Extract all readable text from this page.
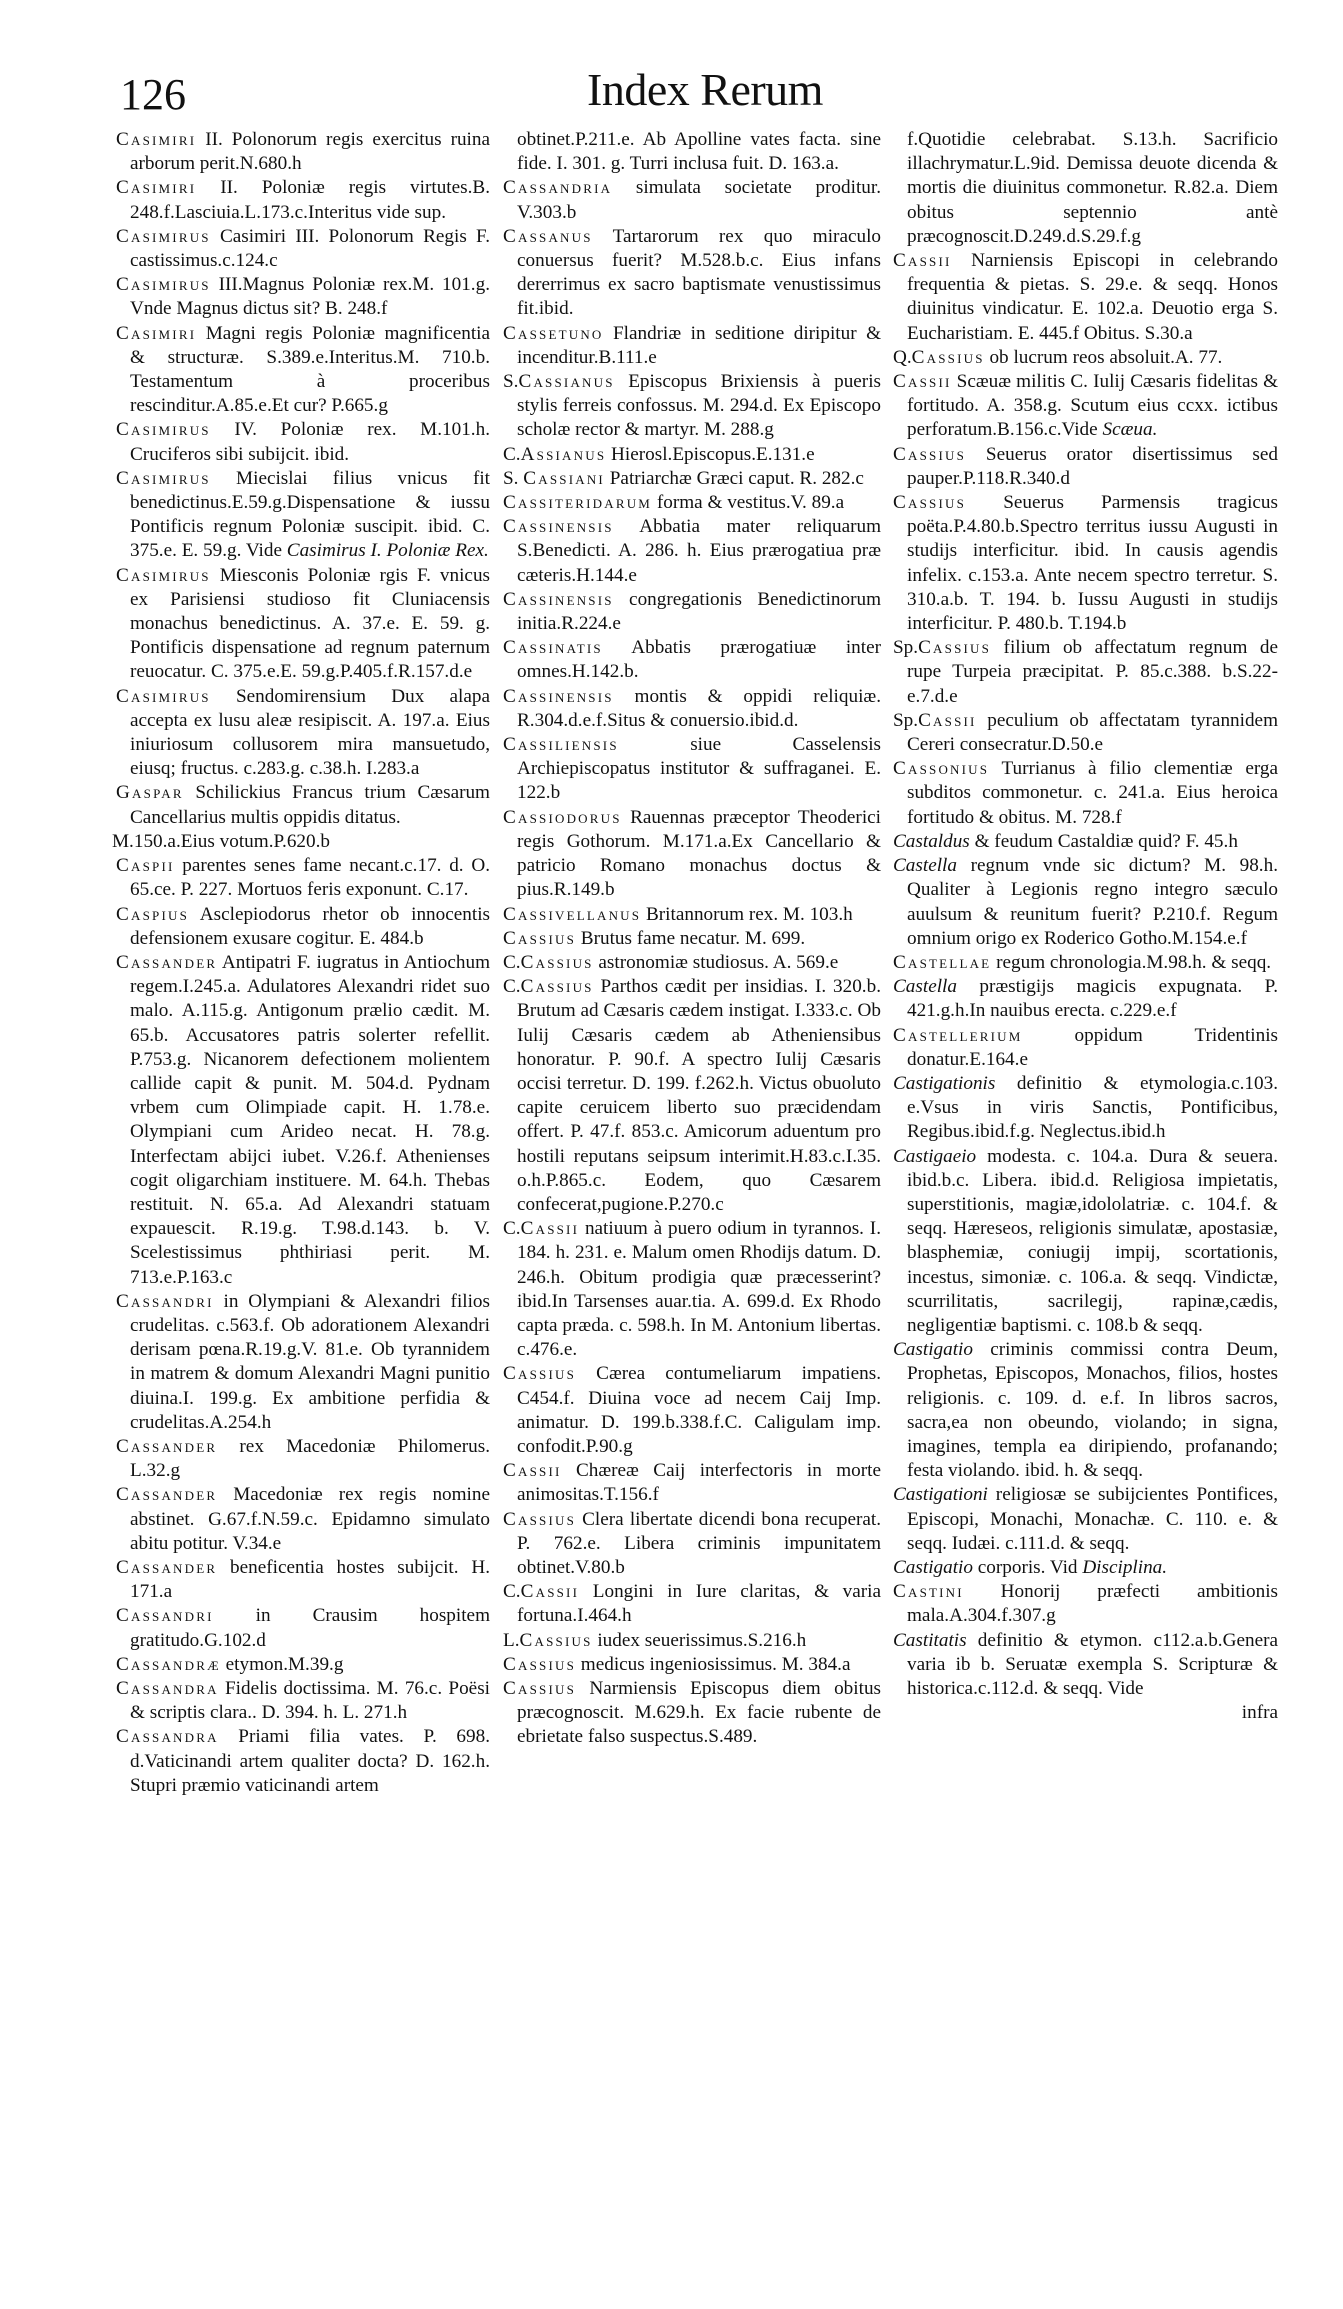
126	Index Rerum

Casimiri II. Polonorum regis exercitus ruina arborum perit.N.680.h

Casimiri II. Poloniæ regis virtutes.B. 248.f.Lasciuia.L.173.c.Interitus vide sup.

Casimirus Casimiri III. Polonorum Regis F. castissimus.c.124.c

Casimirus III.Magnus Poloniæ rex.M. 101.g. Vnde Magnus dictus sit? B. 248.f

Casimiri Magni regis Poloniæ magnificentia & structuræ. S.389.e.Interitus.M. 710.b. Testamentum à proceribus rescinditur.A.85.e.Et cur? P.665.g

Casimirus IV. Poloniæ rex. M.101.h. Cruciferos sibi subijcit. ibid.

Casimirus Miecislai filius vnicus fit benedictinus.E.59.g.Dispensatione & iussu Pontificis regnum Poloniæ suscipit. ibid. C. 375.e. E. 59.g. Vide Casimirus I. Poloniæ Rex.

Casimirus Miesconis Poloniæ rgis F. vnicus ex Parisiensi studioso fit Cluniacensis monachus benedictinus. A. 37.e. E. 59. g. Pontificis dispensatione ad regnum paternum reuocatur. C. 375.e.E. 59.g.P.405.f.R.157.d.e

Casimirus Sendomirensium Dux alapa accepta ex lusu aleæ resipiscit. A. 197.a. Eius iniuriosum collusorem mira mansuetudo, eiusq; fructus. c.283.g. c.38.h. I.283.a

Gaspar Schilickius Francus trium Cæsarum Cancellarius multis oppidis ditatus.

M.150.a.Eius votum.P.620.b

Caspii parentes senes fame necant.c.17. d. O. 65.ce. P. 227. Mortuos feris exponunt. C.17.

Caspius Asclepiodorus rhetor ob innocentis defensionem exusare cogitur. E. 484.b

Cassander Antipatri F. iugratus in Antiochum regem.I.245.a. Adulatores Alexandri ridet suo malo. A.115.g. Antigonum prælio cædit. M. 65.b. Accusatores patris solerter refellit. P.753.g. Nicanorem defectionem molientem callide capit & punit. M. 504.d. Pydnam vrbem cum Olimpiade capit. H. 1.78.e. Olympiani cum Arideo necat. H. 78.g. Interfectam abijci iubet. V.26.f. Athenienses cogit oligarchiam instituere. M. 64.h. Thebas restituit. N. 65.a. Ad Alexandri statuam expauescit. R.19.g. T.98.d.143. b. V. Scelestissimus phthiriasi perit. M. 713.e.P.163.c

Cassandri in Olympiani & Alexandri filios crudelitas. c.563.f. Ob adorationem Alexandri derisam pœna.R.19.g.V. 81.e. Ob tyrannidem in matrem & domum Alexandri Magni punitio diuina.I. 199.g. Ex ambitione perfidia & crudelitas.A.254.h

Cassander rex Macedoniæ Philomerus. L.32.g

Cassander Macedoniæ rex regis nomine abstinet. G.67.f.N.59.c. Epidamno simulato abitu potitur. V.34.e

Cassander beneficentia hostes subijcit. H. 171.a

Cassandri in Crausim hospitem gratitudo.G.102.d

Cassandræ etymon.M.39.g

Cassandra Fidelis doctissima. M. 76.c. Poësi & scriptis clara.. D. 394. h. L. 271.h

Cassandra Priami filia vates. P. 698. d.Vaticinandi artem qualiter docta? D. 162.h. Stupri præmio vaticinandi artem

obtinet.P.211.e. Ab Apolline vates facta. sine fide. I. 301. g. Turri inclusa fuit. D. 163.a.

Cassandria simulata societate proditur. V.303.b

Cassanus Tartarorum rex quo miraculo conuersus fuerit? M.528.b.c. Eius infans dererrimus ex sacro baptismate venustissimus fit.ibid.

Cassetuno Flandriæ in seditione diripitur & incenditur.B.111.e

S.Cassianus Episcopus Brixiensis à pueris stylis ferreis confossus. M. 294.d. Ex Episcopo scholæ rector & martyr. M. 288.g

C.Assianus Hierosl.Episcopus.E.131.e

S. Cassiani Patriarchæ Græci caput. R. 282.c

Cassiteridarum forma & vestitus.V. 89.a

Cassinensis Abbatia mater reliquarum S.Benedicti. A. 286. h. Eius prærogatiua præ cæteris.H.144.e

Cassinensis congregationis Benedictinorum initia.R.224.e

Cassinatis Abbatis prærogatiuæ inter omnes.H.142.b.

Cassinensis montis & oppidi reliquiæ. R.304.d.e.f.Situs & conuersio.ibid.d.

Cassiliensis siue Casselensis Archiepiscopatus institutor & suffraganei. E. 122.b

Cassiodorus Rauennas præceptor Theoderici regis Gothorum. M.171.a.Ex Cancellario & patricio Romano monachus doctus & pius.R.149.b

Cassivellanus Britannorum rex. M. 103.h

Cassius Brutus fame necatur. M. 699.

C.Cassius astronomiæ studiosus. A. 569.e

C.Cassius Parthos cædit per insidias. I. 320.b. Brutum ad Cæsaris cædem instigat. I.333.c. Ob Iulij Cæsaris cædem ab Atheniensibus honoratur. P. 90.f. A spectro Iulij Cæsaris occisi terretur. D. 199. f.262.h. Victus obuoluto capite ceruicem liberto suo præcidendam offert. P. 47.f. 853.c. Amicorum aduentum pro hostili reputans seipsum interimit.H.83.c.I.35. o.h.P.865.c. Eodem, quo Cæsarem confecerat,pugione.P.270.c

C.Cassii natiuum à puero odium in tyrannos. I. 184. h. 231. e. Malum omen Rhodijs datum. D. 246.h. Obitum prodigia quæ præcesserint? ibid.In Tarsenses auar.tia. A. 699.d. Ex Rhodo capta præda. c. 598.h. In M. Antonium libertas. c.476.e.

Cassius Cærea contumeliarum impatiens. C454.f. Diuina voce ad necem Caij Imp. animatur. D. 199.b.338.f.C. Caligulam imp. confodit.P.90.g

Cassii Chæreæ Caij interfectoris in morte animositas.T.156.f

Cassius Clera libertate dicendi bona recuperat. P. 762.e. Libera criminis impunitatem obtinet.V.80.b

C.Cassii Longini in Iure claritas, & varia fortuna.I.464.h

L.Cassius iudex seuerissimus.S.216.h

Cassius medicus ingeniosissimus. M. 384.a

Cassius Narmiensis Episcopus diem obitus præcognoscit. M.629.h. Ex facie rubente de ebrietate falso suspectus.S.489.

f.Quotidie celebrabat. S.13.h. Sacrificio illachrymatur.L.9id. Demissa deuote dicenda & mortis die diuinitus commonetur. R.82.a. Diem obitus septennio antè præcognoscit.D.249.d.S.29.f.g

Cassii Narniensis Episcopi in celebrando frequentia & pietas. S. 29.e. & seqq. Honos diuinitus vindicatur. E. 102.a. Deuotio erga S. Eucharistiam. E. 445.f Obitus. S.30.a

Q.Cassius ob lucrum reos absoluit.A. 77.

Cassii Scæuæ militis C. Iulij Cæsaris fidelitas & fortitudo. A. 358.g. Scutum eius ccxx. ictibus perforatum.B.156.c.Vide Scæua.

Cassius Seuerus orator disertissimus sed pauper.P.118.R.340.d

Cassius Seuerus Parmensis tragicus poëta.P.4.80.b.Spectro territus iussu Augusti in studijs interficitur. ibid. In causis agendis infelix. c.153.a. Ante necem spectro terretur. S. 310.a.b. T. 194. b. Iussu Augusti in studijs interficitur. P. 480.b. T.194.b

Sp.Cassius filium ob affectatum regnum de rupe Turpeia præcipitat. P. 85.c.388. b.S.22-e.7.d.e

Sp.Cassii peculium ob affectatam tyrannidem Cereri consecratur.D.50.e

Cassonius Turrianus à filio clementiæ erga subditos commonetur. c. 241.a. Eius heroica fortitudo & obitus. M. 728.f

Castaldus & feudum Castaldiæ quid? F. 45.h

Castella regnum vnde sic dictum? M. 98.h. Qualiter à Legionis regno integro sæculo auulsum & reunitum fuerit? P.210.f. Regum omnium origo ex Roderico Gotho.M.154.e.f

Castellae regum chronologia.M.98.h. & seqq.

Castella præstigijs magicis expugnata. P. 421.g.h.In nauibus erecta. c.229.e.f

Castellerium oppidum Tridentinis donatur.E.164.e

Castigationis definitio & etymologia.c.103. e.Vsus in viris Sanctis, Pontificibus, Regibus.ibid.f.g. Neglectus.ibid.h

Castigaeio modesta. c. 104.a. Dura & seuera. ibid.b.c. Libera. ibid.d. Religiosa impietatis, superstitionis, magiæ,idololatriæ. c. 104.f. & seqq. Hæreseos, religionis simulatæ, apostasiæ, blasphemiæ, coniugij impij, scortationis, incestus, simoniæ. c. 106.a. & seqq. Vindictæ, scurrilitatis, sacrilegij, rapinæ,cædis, negligentiæ baptismi. c. 108.b & seqq.

Castigatio criminis commissi contra Deum, Prophetas, Episcopos, Monachos, filios, hostes religionis. c. 109. d. e.f. In libros sacros, sacra,ea non obeundo, violando; in signa, imagines, templa ea diripiendo, profanando; festa violando. ibid. h. & seqq.

Castigationi religiosæ se subijcientes Pontifices, Episcopi, Monachi, Monachæ. C. 110. e. & seqq. Iudæi. c.111.d. & seqq.

Castigatio corporis. Vid Disciplina.

Castini Honorij præfecti ambitionis mala.A.304.f.307.g

Castitatis definitio & etymon. c112.a.b.Genera varia ib b. Seruatæ exempla S. Scripturæ & historica.c.112.d. & seqq. Vide

infra
